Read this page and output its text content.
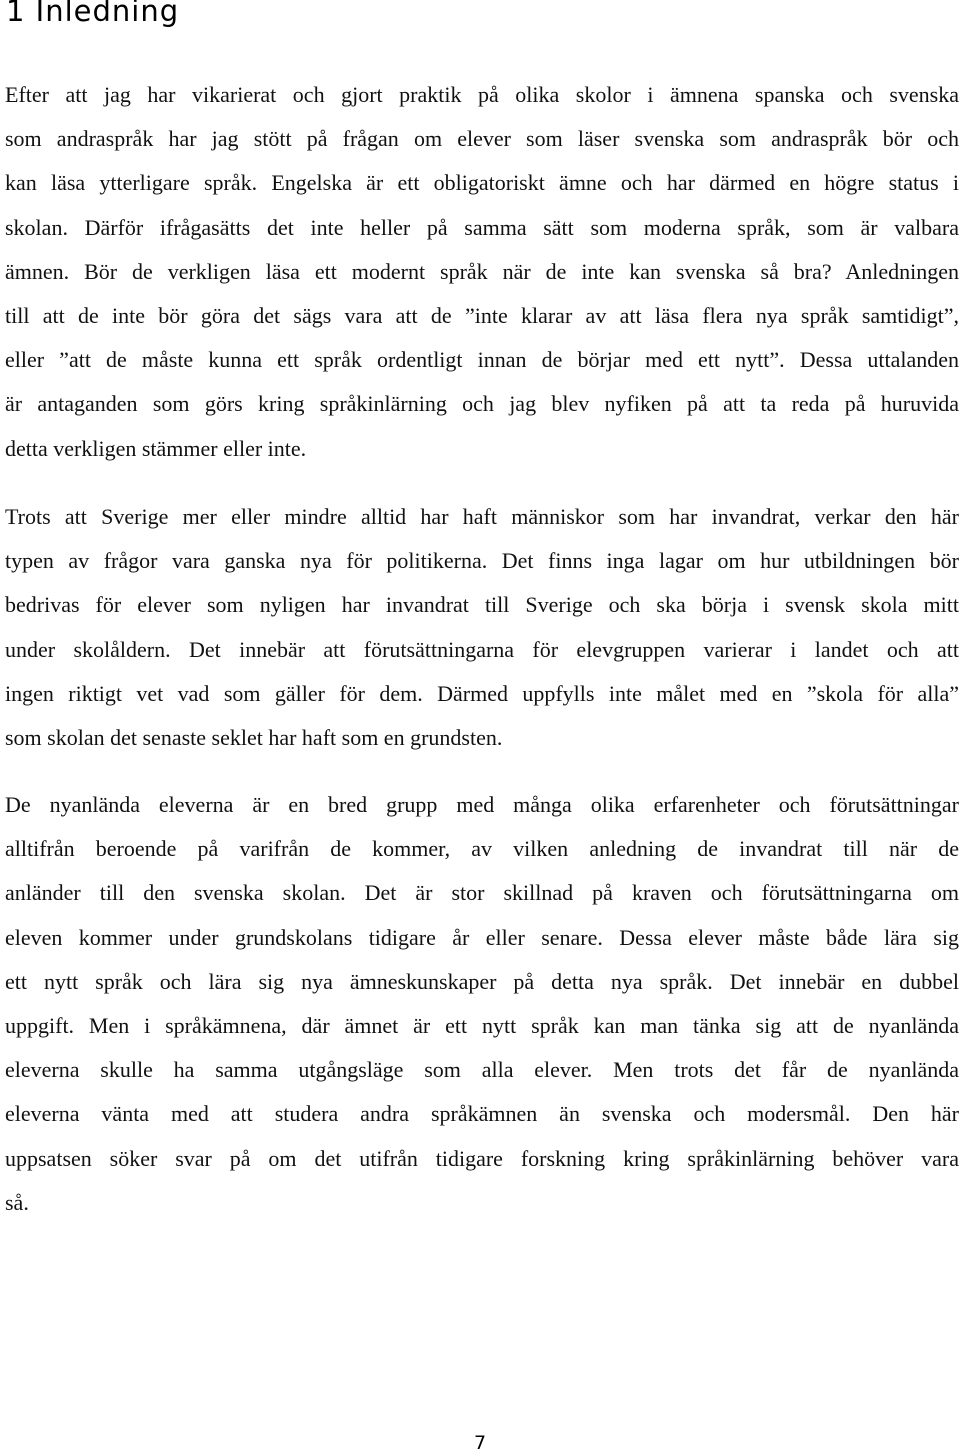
1 Inledning

Efter att jag har vikarierat och gjort praktik på olika skolor i ämnena spanska och svenska
som andraspråk har jag stött på frågan om elever som läser svenska som andraspråk bör och
kan läsa ytterligare språk. Engelska är ett obligatoriskt ämne och har därmed en högre status i
skolan. Därför ifrågasätts det inte heller på samma sätt som moderna språk, som är valbara
ämnen. Bör de verkligen läsa ett modernt språk när de inte kan svenska så bra? Anledningen
till att de inte bör göra det sägs vara att de ”inte klarar av att läsa flera nya språk samtidigt”,
eller ”att de måste kunna ett språk ordentligt innan de börjar med ett nytt”. Dessa uttalanden
är antaganden som görs kring språkinlärning och jag blev nyfiken på att ta reda på huruvida
detta verkligen stämmer eller inte.

Trots att Sverige mer eller mindre alltid har haft människor som har invandrat, verkar den här
typen av frågor vara ganska nya för politikerna. Det finns inga lagar om hur utbildningen bör
bedrivas för elever som nyligen har invandrat till Sverige och ska börja i svensk skola mitt
under skolåldern. Det innebär att förutsättningarna för elevgruppen varierar i landet och att
ingen riktigt vet vad som gäller för dem. Därmed uppfylls inte målet med en ”skola för alla”
som skolan det senaste seklet har haft som en grundsten.

De nyanlända eleverna är en bred grupp med många olika erfarenheter och förutsättningar
alltifrån beroende på varifrån de kommer, av vilken anledning de invandrat till när de
anländer till den svenska skolan. Det är stor skillnad på kraven och förutsättningarna om
eleven kommer under grundskolans tidigare år eller senare. Dessa elever måste både lära sig
ett nytt språk och lära sig nya ämneskunskaper på detta nya språk. Det innebär en dubbel
uppgift. Men i språkämnena, där ämnet är ett nytt språk kan man tänka sig att de nyanlända
eleverna skulle ha samma utgångsläge som alla elever. Men trots det får de nyanlända
eleverna vänta med att studera andra språkämnen än svenska och modersmål. Den här
uppsatsen söker svar på om det utifrån tidigare forskning kring språkinlärning behöver vara
så.

7
